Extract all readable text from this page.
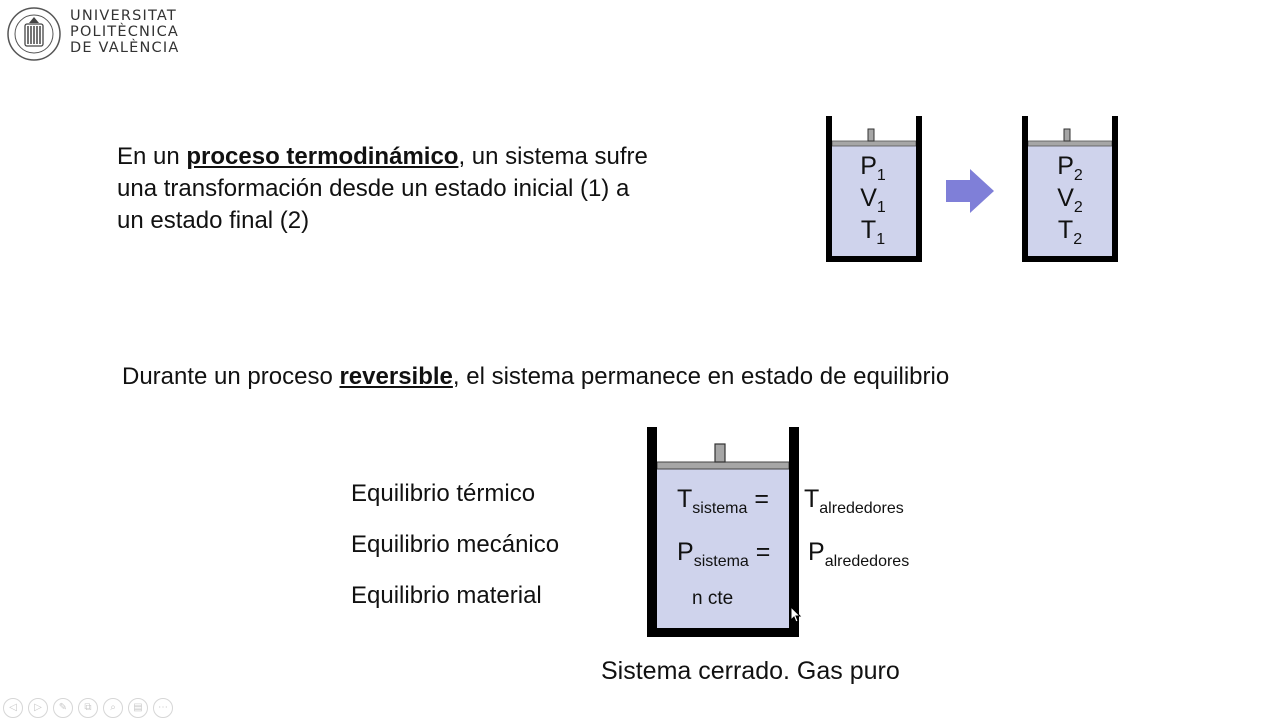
UNIVERSITAT
POLITÈCNICA
DE VALÈNCIA
En un proceso termodinámico, un sistema sufre
una transformación desde un estado inicial (1) a
un estado final (2)
$P_1$
$V_1$
$T_1$
$P_2$
$V_2$
$T_2$
Durante un proceso reversible, el sistema permanece en estado de equilibrio
Equilibrio térmico
Equilibrio mecánico
Equilibrio material
$T_{sistema} = T_{alrededores}$
$P_{sistema} = P_{alrededores}$
n cte
Sistema cerrado. Gas puro
◁	▷	✎	⧉	⌕	▤	⋯
